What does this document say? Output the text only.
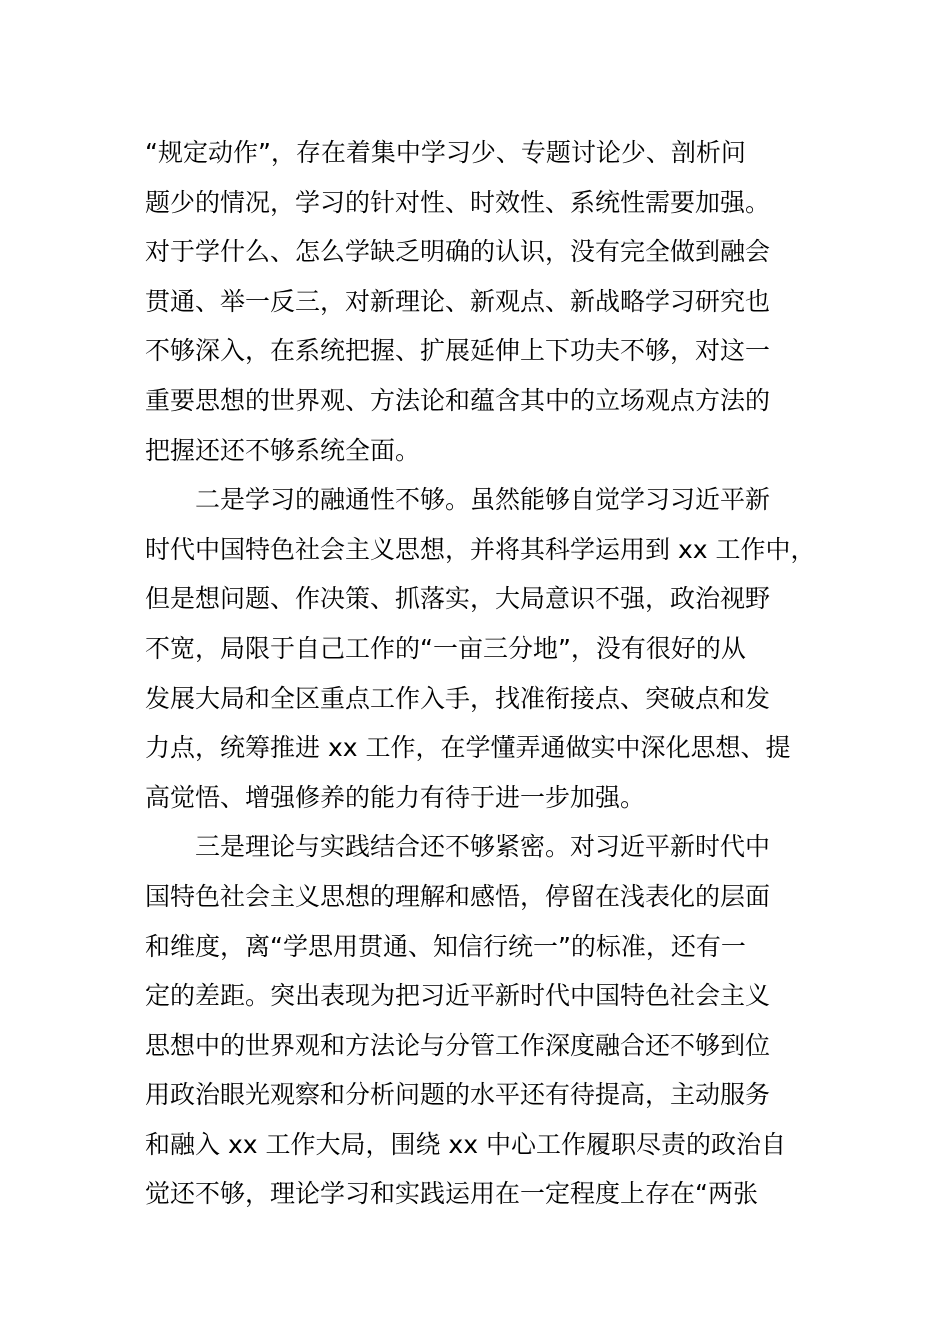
“规定动作”，存在着集中学习少、专题讨论少、剖析问
题少的情况，学习的针对性、时效性、系统性需要加强。
对于学什么、怎么学缺乏明确的认识，没有完全做到融会
贯通、举一反三，对新理论、新观点、新战略学习研究也
不够深入，在系统把握、扩展延伸上下功夫不够，对这一
重要思想的世界观、方法论和蕴含其中的立场观点方法的
把握还还不够系统全面。
二是学习的融通性不够。虽然能够自觉学习习近平新
时代中国特色社会主义思想，并将其科学运用到 xx 工作中，
但是想问题、作决策、抓落实，大局意识不强，政治视野
不宽，局限于自己工作的“一亩三分地”，没有很好的从
发展大局和全区重点工作入手，找准衔接点、突破点和发
力点，统筹推进 xx 工作，在学懂弄通做实中深化思想、提
高觉悟、增强修养的能力有待于进一步加强。
三是理论与实践结合还不够紧密。对习近平新时代中
国特色社会主义思想的理解和感悟，停留在浅表化的层面
和维度，离“学思用贯通、知信行统一”的标准，还有一
定的差距。突出表现为把习近平新时代中国特色社会主义
思想中的世界观和方法论与分管工作深度融合还不够到位
用政治眼光观察和分析问题的水平还有待提高，主动服务
和融入 xx 工作大局，围绕 xx 中心工作履职尽责的政治自
觉还不够，理论学习和实践运用在一定程度上存在“两张
